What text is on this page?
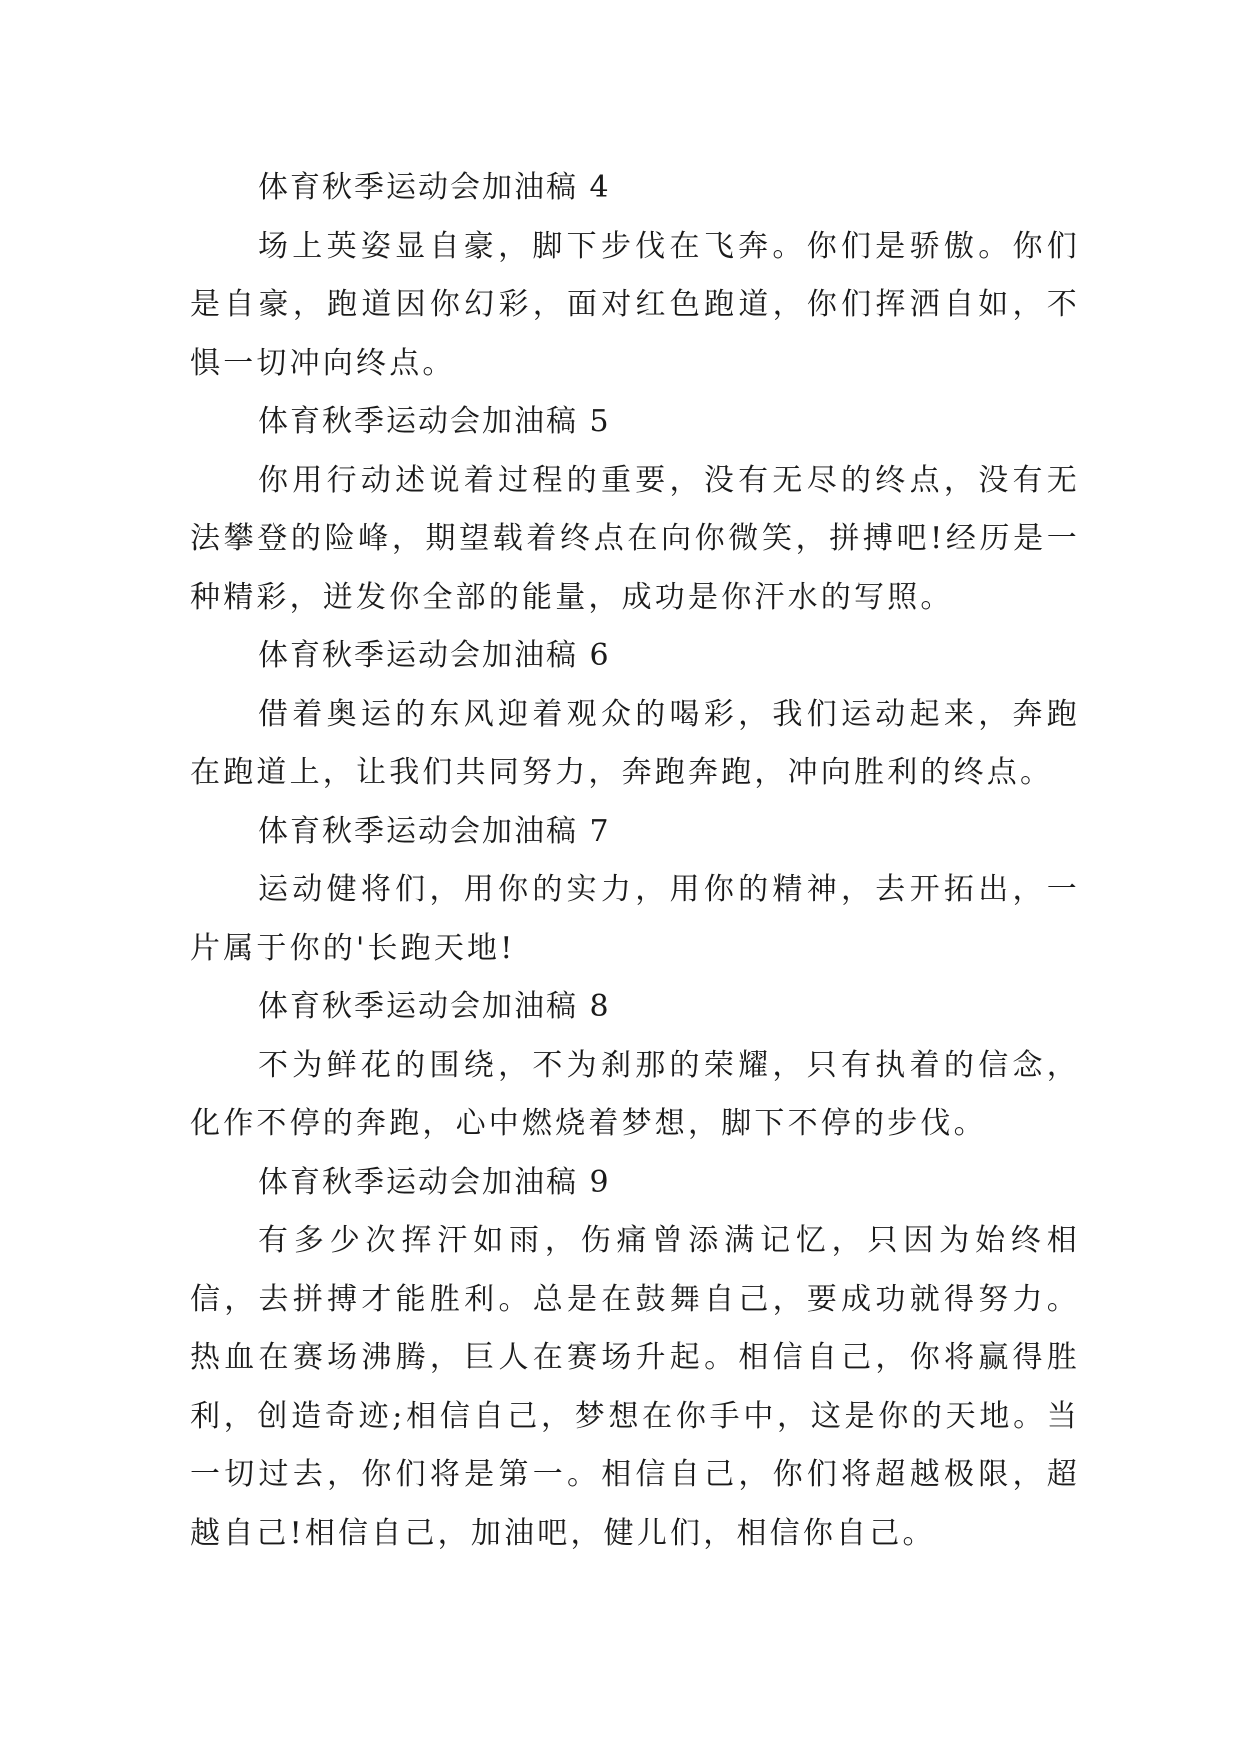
体育秋季运动会加油稿 4

场上英姿显自豪，脚下步伐在飞奔。你们是骄傲。你们是自豪，跑道因你幻彩，面对红色跑道，你们挥洒自如，不惧一切冲向终点。

体育秋季运动会加油稿 5

你用行动述说着过程的重要，没有无尽的终点，没有无法攀登的险峰，期望载着终点在向你微笑，拼搏吧!经历是一种精彩，迸发你全部的能量，成功是你汗水的写照。

体育秋季运动会加油稿 6

借着奥运的东风迎着观众的喝彩，我们运动起来，奔跑在跑道上，让我们共同努力，奔跑奔跑，冲向胜利的终点。

体育秋季运动会加油稿 7

运动健将们，用你的实力，用你的精神，去开拓出，一片属于你的'长跑天地!

体育秋季运动会加油稿 8

不为鲜花的围绕，不为刹那的荣耀，只有执着的信念，化作不停的奔跑，心中燃烧着梦想，脚下不停的步伐。

体育秋季运动会加油稿 9

有多少次挥汗如雨，伤痛曾添满记忆，只因为始终相信，去拼搏才能胜利。总是在鼓舞自己，要成功就得努力。热血在赛场沸腾，巨人在赛场升起。相信自己，你将赢得胜利，创造奇迹;相信自己，梦想在你手中，这是你的天地。当一切过去，你们将是第一。相信自己，你们将超越极限，超越自己!相信自己，加油吧，健儿们，相信你自己。
